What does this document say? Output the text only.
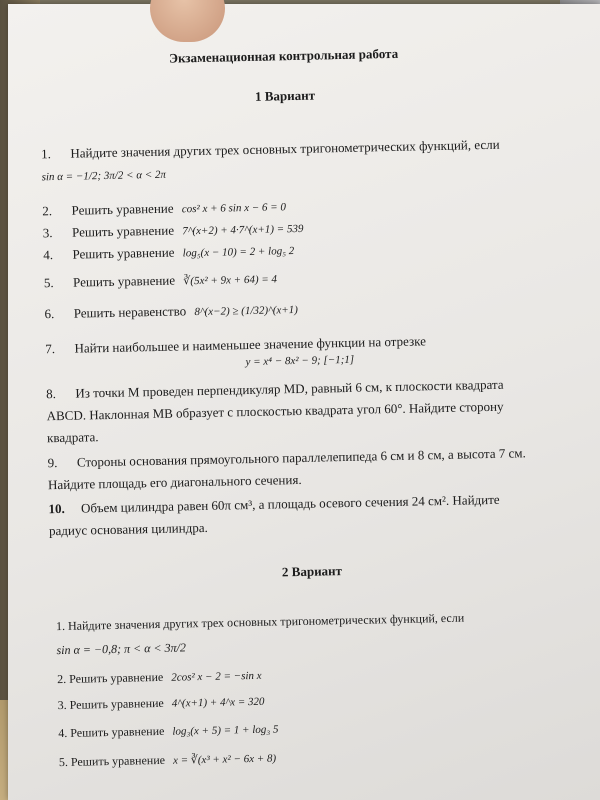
Экзаменационная контрольная работа
1 Вариант
1. Найдите значения других трех основных тригонометрических функций, если
sin α = −1/2; 3π/2 < α < 2π
2. Решить уравнение cos² x + 6 sin x − 6 = 0
3. Решить уравнение 7^(x+2) + 4·7^(x+1) = 539
4. Решить уравнение log₅(x − 10) = 2 + log₅ 2
5. Решить уравнение ∛(5x² + 9x + 64) = 4
6. Решить неравенство 8^(x−2) ≥ (1/32)^(x+1)
7. Найти наибольшее и наименьшее значение функции на отрезке
y = x⁴ − 8x² − 9; [−1;1]
8. Из точки М проведен перпендикуляр МD, равный 6 см, к плоскости квадрата
ABCD. Наклонная MB образует с плоскостью квадрата угол 60°. Найдите сторону
квадрата.
9. Стороны основания прямоугольного параллелепипеда 6 см и 8 см, а высота 7 см.
Найдите площадь его диагонального сечения.
10. Объем цилиндра равен 60π см³, а площадь осевого сечения 24 см². Найдите
радиус основания цилиндра.
2 Вариант
1. Найдите значения других трех основных тригонометрических функций, если
sin α = −0,8; π < α < 3π/2
2. Решить уравнение 2cos² x − 2 = −sin x
3. Решить уравнение 4^(x+1) + 4^x = 320
4. Решить уравнение log₃(x + 5) = 1 + log₃ 5
5. Решить уравнение x = ∛(x³ + x² − 6x + 8)
